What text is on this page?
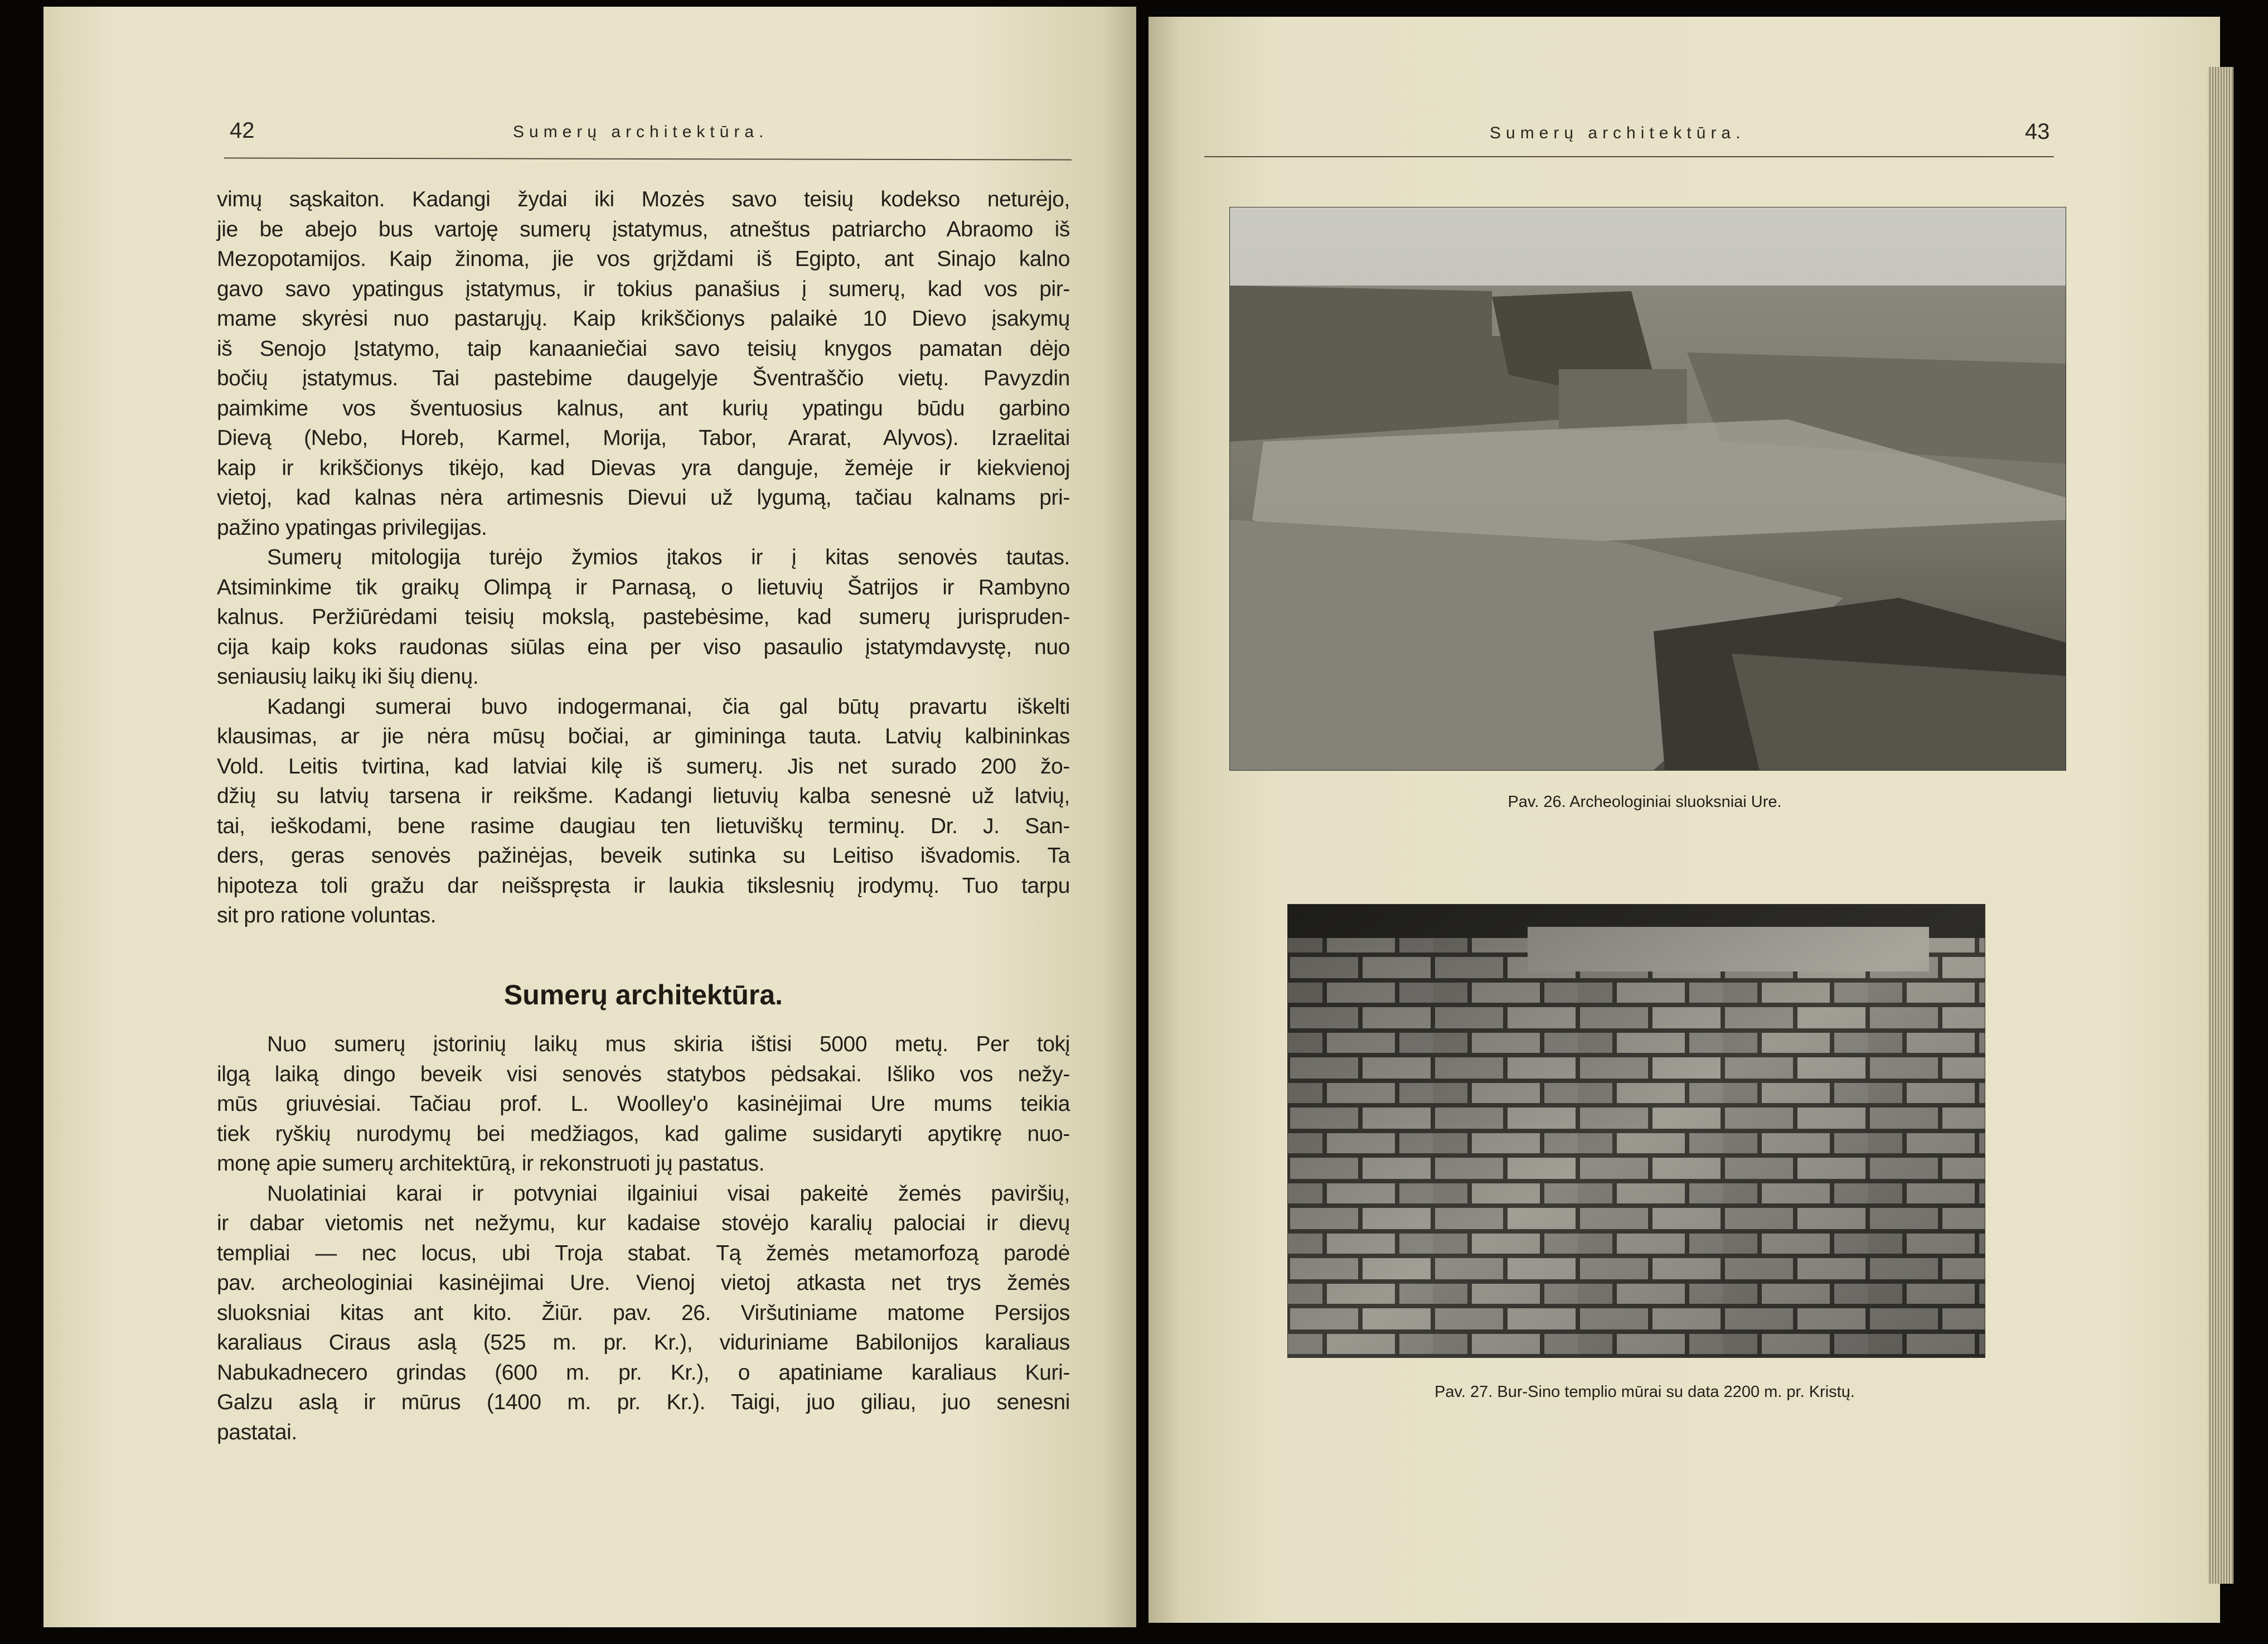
42	Sumerų architektūra.
vimų sąskaiton. Kadangi žydai iki Mozės savo teisių kodekso neturėjo,
jie be abejo bus vartoję sumerų įstatymus, atneštus patriarcho Abraomo iš
Mezopotamijos. Kaip žinoma, jie vos grįždami iš Egipto, ant Sinajo kalno
gavo savo ypatingus įstatymus, ir tokius panašius į sumerų, kad vos pir-
mame skyrėsi nuo pastarųjų. Kaip krikščionys palaikė 10 Dievo įsakymų
iš Senojo Įstatymo, taip kanaaniečiai savo teisių knygos pamatan dėjo
bočių įstatymus. Tai pastebime daugelyje Šventraščio vietų. Pavyzdin
paimkime vos šventuosius kalnus, ant kurių ypatingu būdu garbino
Dievą (Nebo, Horeb, Karmel, Morija, Tabor, Ararat, Alyvos). Izraelitai
kaip ir krikščionys tikėjo, kad Dievas yra danguje, žemėje ir kiekvienoj
vietoj, kad kalnas nėra artimesnis Dievui už lygumą, tačiau kalnams pri-
pažino ypatingas privilegijas.
Sumerų mitologija turėjo žymios įtakos ir į kitas senovės tautas.
Atsiminkime tik graikų Olimpą ir Parnasą, o lietuvių Šatrijos ir Rambyno
kalnus. Peržiūrėdami teisių mokslą, pastebėsime, kad sumerų jurispruden-
cija kaip koks raudonas siūlas eina per viso pasaulio įstatymdavystę, nuo
seniausių laikų iki šių dienų.
Kadangi sumerai buvo indogermanai, čia gal būtų pravartu iškelti
klausimas, ar jie nėra mūsų bočiai, ar gimininga tauta. Latvių kalbininkas
Vold. Leitis tvirtina, kad latviai kilę iš sumerų. Jis net surado 200 žo-
džių su latvių tarsena ir reikšme. Kadangi lietuvių kalba senesnė už latvių,
tai, ieškodami, bene rasime daugiau ten lietuviškų terminų. Dr. J. San-
ders, geras senovės pažinėjas, beveik sutinka su Leitiso išvadomis. Ta
hipoteza toli gražu dar neišspręsta ir laukia tikslesnių įrodymų. Tuo tarpu
sit pro ratione voluntas.
Sumerų architektūra.
Nuo sumerų įstorinių laikų mus skiria ištisi 5000 metų. Per tokį
ilgą laiką dingo beveik visi senovės statybos pėdsakai. Išliko vos nežy-
mūs griuvėsiai. Tačiau prof. L. Woolley'o kasinėjimai Ure mums teikia
tiek ryškių nurodymų bei medžiagos, kad galime susidaryti apytikrę nuo-
monę apie sumerų architektūrą, ir rekonstruoti jų pastatus.
Nuolatiniai karai ir potvyniai ilgainiui visai pakeitė žemės paviršių,
ir dabar vietomis net nežymu, kur kadaise stovėjo karalių palociai ir dievų
templiai — nec locus, ubi Troja stabat. Tą žemės metamorfozą parodė
pav. archeologiniai kasinėjimai Ure. Vienoj vietoj atkasta net trys žemės
sluoksniai kitas ant kito. Žiūr. pav. 26. Viršutiniame matome Persijos
karaliaus Ciraus aslą (525 m. pr. Kr.), viduriniame Babilonijos karaliaus
Nabukadnecero grindas (600 m. pr. Kr.), o apatiniame karaliaus Kuri-
Galzu aslą ir mūrus (1400 m. pr. Kr.). Taigi, juo giliau, juo senesni
pastatai.
Sumerų architektūra.	43
Pav. 26. Archeologiniai sluoksniai Ure.
Pav. 27. Bur-Sino templio mūrai su data 2200 m. pr. Kristų.
